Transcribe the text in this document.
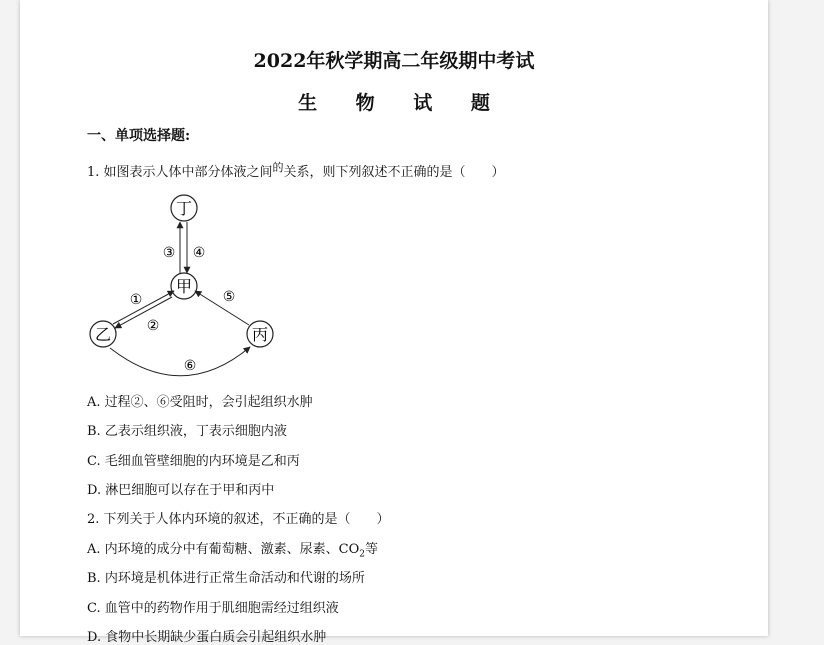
2022年秋学期高二年级期中考试
生 物 试 题
一、单项选择题:
1. 如图表示人体中部分体液之间$^的$关系，则下列叙述不正确的是（　　）
丁
甲
乙	丙
③ ④
①
②
⑤
⑥
A. 过程②、⑥受阻时，会引起组织水肿
B. 乙表示组织液，丁表示细胞内液
C. 毛细血管壁细胞的内环境是乙和丙
D. 淋巴细胞可以存在于甲和丙中
2. 下列关于人体内环境的叙述，不正确的是（　　）
A. 内环境的成分中有葡萄糖、激素、尿素、$CO_2$等
B. 内环境是机体进行正常生命活动和代谢的场所
C. 血管中的药物作用于肌细胞需经过组织液
D. 食物中长期缺少蛋白质会引起组织水肿
